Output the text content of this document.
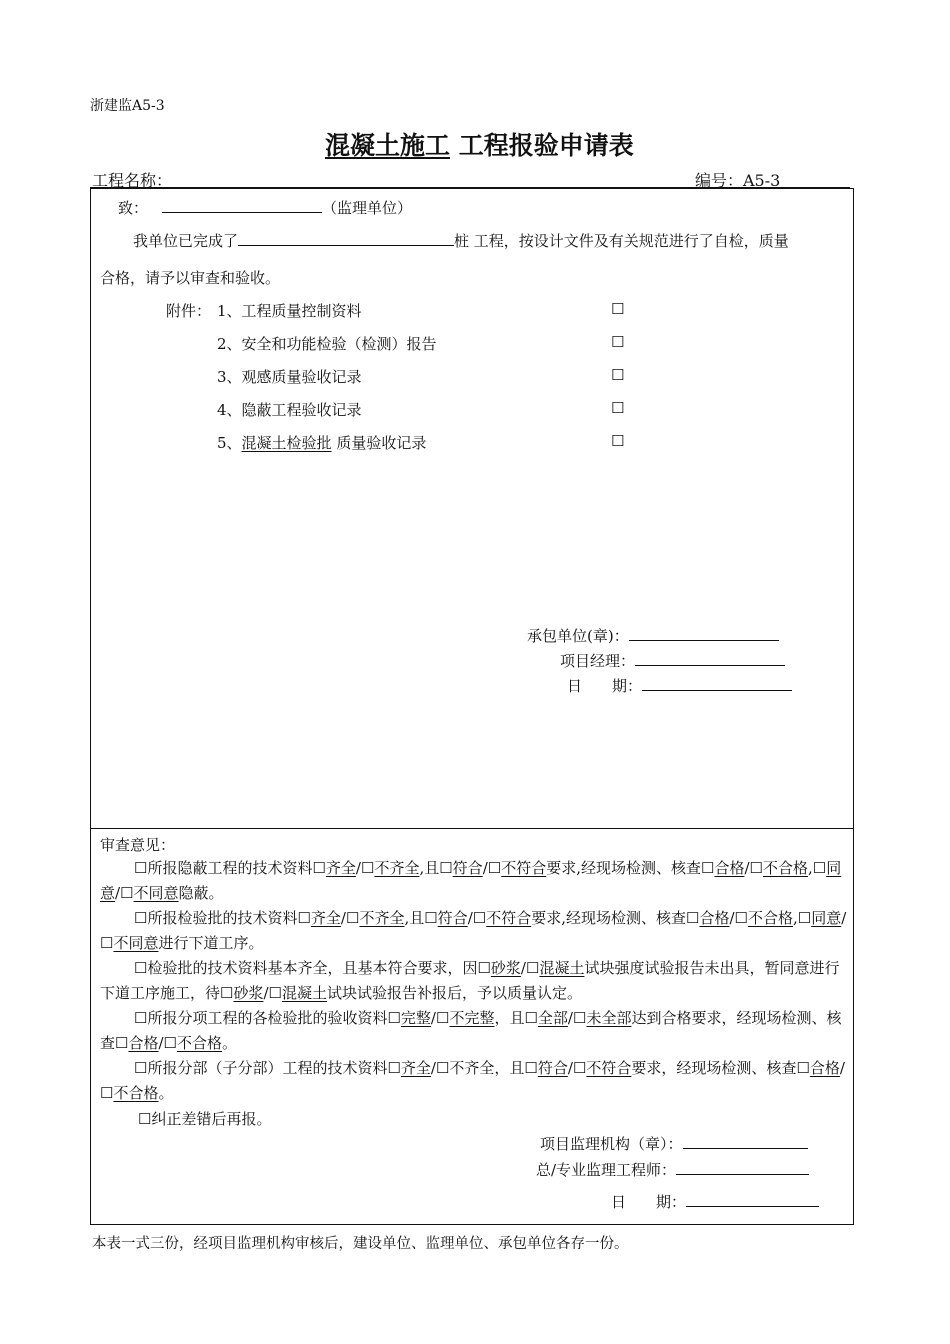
浙建监A5-3
混凝土施工 工程报验申请表
工程名称：	编号：A5-3
致：	（监理单位）
我单位已完成了	桩 工程，按设计文件及有关规范进行了自检，质量
合格，请予以审查和验收。
附件： 1、工程质量控制资料	☐
2、安全和功能检验（检测）报告	☐
3、观感质量验收记录	☐
4、隐蔽工程验收记录	☐
5、混凝土检验批 质量验收记录	☐
承包单位(章)：
项目经理：
日　　期：
审查意见：
☐所报隐蔽工程的技术资料☐齐全/☐不齐全,且☐符合/☐不符合要求,经现场检测、核查☐合格/☐不合格,☐同意/☐不同意隐蔽。
☐所报检验批的技术资料☐齐全/☐不齐全,且☐符合/☐不符合要求,经现场检测、核查☐合格/☐不合格,☐同意/☐不同意进行下道工序。
☐检验批的技术资料基本齐全，且基本符合要求，因☐砂浆/☐混凝土试块强度试验报告未出具，暂同意进行下道工序施工，待☐砂浆/☐混凝土试块试验报告补报后，予以质量认定。
☐所报分项工程的各检验批的验收资料☐完整/☐不完整，且☐全部/☐未全部达到合格要求，经现场检测、核查☐合格/☐不合格。
☐所报分部（子分部）工程的技术资料☐齐全/☐不齐全，且☐符合/☐不符合要求，经现场检测、核查☐合格/☐不合格。
☐纠正差错后再报。
项目监理机构（章）：
总/专业监理工程师：
日　　期：
本表一式三份，经项目监理机构审核后，建设单位、监理单位、承包单位各存一份。
